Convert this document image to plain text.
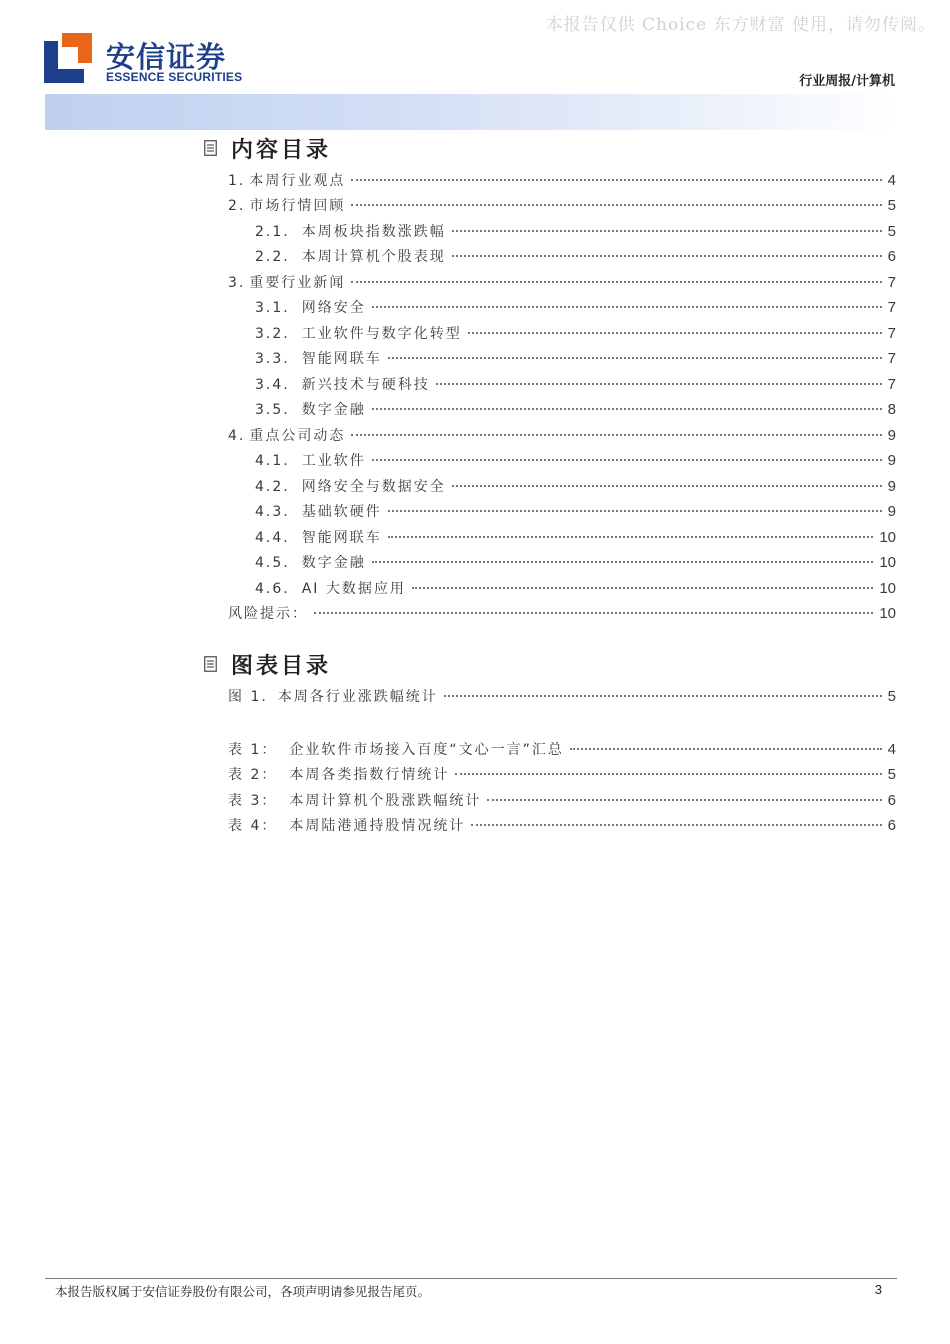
本报告仅供 Choice 东方财富 使用，请勿传阅。
安信证券
ESSENCE SECURITIES	行业周报/计算机
内容目录
1. 本周行业观点	4
2. 市场行情回顾	5
2.1. 本周板块指数涨跌幅	5
2.2. 本周计算机个股表现	6
3. 重要行业新闻	7
3.1. 网络安全	7
3.2. 工业软件与数字化转型	7
3.3. 智能网联车	7
3.4. 新兴技术与硬科技	7
3.5. 数字金融	8
4. 重点公司动态	9
4.1. 工业软件	9
4.2. 网络安全与数据安全	9
4.3. 基础软硬件	9
4.4. 智能网联车	10
4.5. 数字金融	10
4.6. AI 大数据应用	10
风险提示：	10
图表目录
图 1. 本周各行业涨跌幅统计	5
表 1： 企业软件市场接入百度“文心一言”汇总	4
表 2： 本周各类指数行情统计	5
表 3： 本周计算机个股涨跌幅统计	6
表 4： 本周陆港通持股情况统计	6
本报告版权属于安信证券股份有限公司，各项声明请参见报告尾页。	3
